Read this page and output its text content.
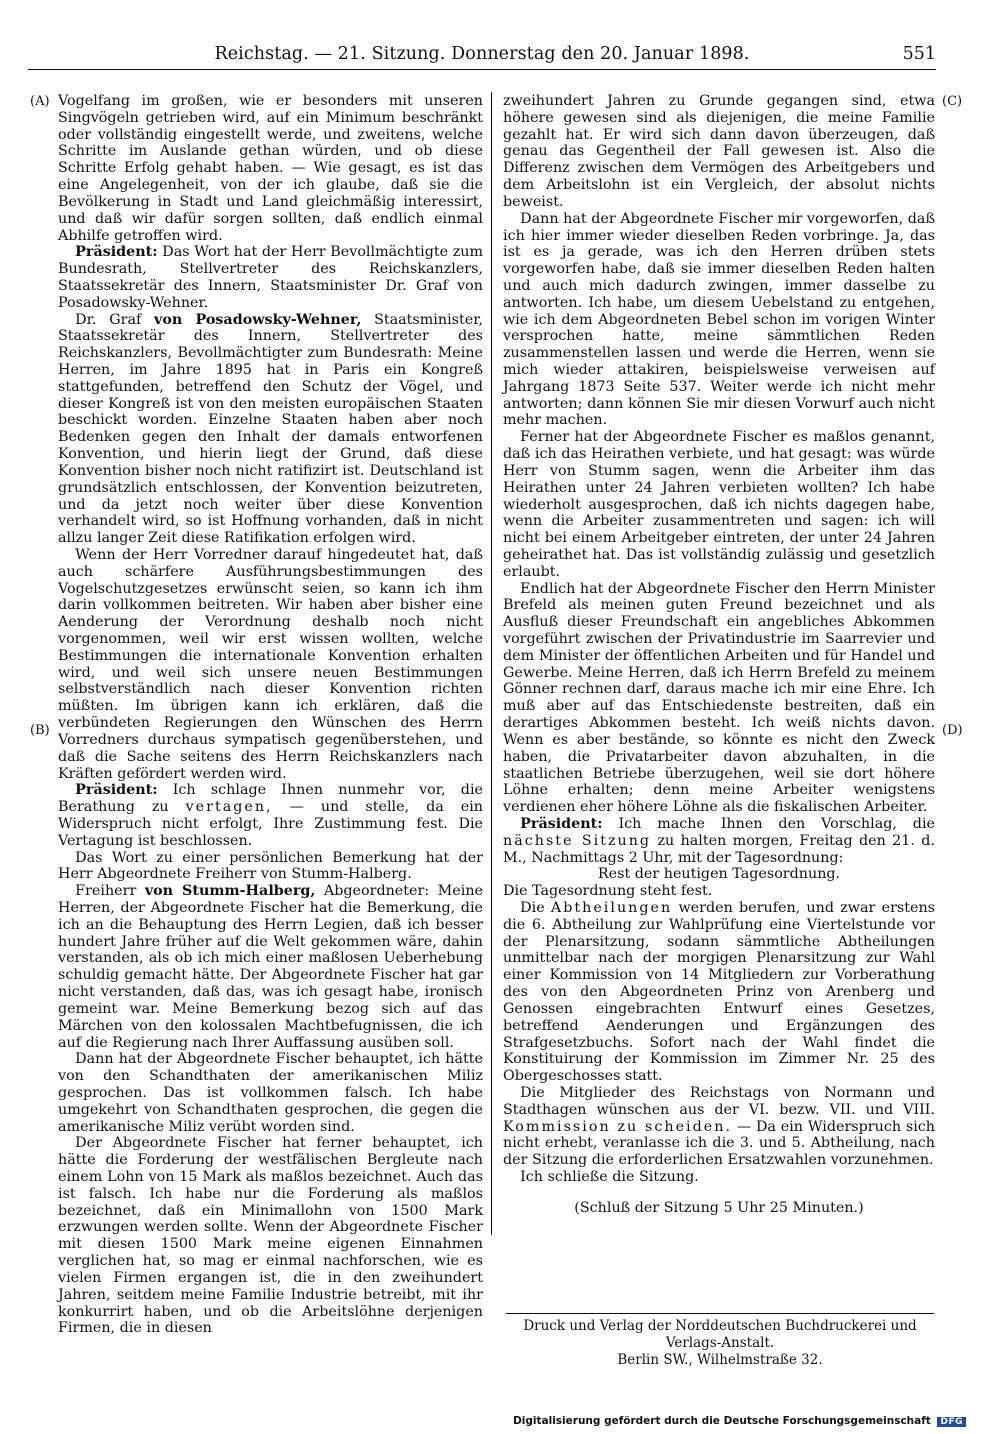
Reichstag. — 21. Sitzung. Donnerstag den 20. Januar 1898.	551
(A)
(B)
(C)
(D)

Vogelfang im großen, wie er besonders mit unseren Singvögeln getrieben wird, auf ein Minimum beschränkt oder vollständig eingestellt werde, und zweitens, welche Schritte im Auslande gethan würden, und ob diese Schritte Erfolg gehabt haben. — Wie gesagt, es ist das eine Angelegenheit, von der ich glaube, daß sie die Bevölkerung in Stadt und Land gleichmäßig interessirt, und daß wir dafür sorgen sollten, daß endlich einmal Abhilfe getroffen wird.

Präsident: Das Wort hat der Herr Bevollmächtigte zum Bundesrath, Stellvertreter des Reichskanzlers, Staatssekretär des Innern, Staatsminister Dr. Graf von Posadowsky-Wehner.

Dr. Graf von Posadowsky-Wehner, Staatsminister, Staatssekretär des Innern, Stellvertreter des Reichskanzlers, Bevollmächtigter zum Bundesrath: Meine Herren, im Jahre 1895 hat in Paris ein Kongreß stattgefunden, betreffend den Schutz der Vögel, und dieser Kongreß ist von den meisten europäischen Staaten beschickt worden. Einzelne Staaten haben aber noch Bedenken gegen den Inhalt der damals entworfenen Konvention, und hierin liegt der Grund, daß diese Konvention bisher noch nicht ratifizirt ist. Deutschland ist grundsätzlich entschlossen, der Konvention beizutreten, und da jetzt noch weiter über diese Konvention verhandelt wird, so ist Hoffnung vorhanden, daß in nicht allzu langer Zeit diese Ratifikation erfolgen wird.

Wenn der Herr Vorredner darauf hingedeutet hat, daß auch schärfere Ausführungsbestimmungen des Vogelschutzgesetzes erwünscht seien, so kann ich ihm darin vollkommen beitreten. Wir haben aber bisher eine Aenderung der Verordnung deshalb noch nicht vorgenommen, weil wir erst wissen wollten, welche Bestimmungen die internationale Konvention erhalten wird, und weil sich unsere neuen Bestimmungen selbstverständlich nach dieser Konvention richten müßten. Im übrigen kann ich erklären, daß die verbündeten Regierungen den Wünschen des Herrn Vorredners durchaus sympatisch gegenüberstehen, und daß die Sache seitens des Herrn Reichskanzlers nach Kräften gefördert werden wird.

Präsident: Ich schlage Ihnen nunmehr vor, die Berathung zu vertagen, — und stelle, da ein Widerspruch nicht erfolgt, Ihre Zustimmung fest. Die Vertagung ist beschlossen.

Das Wort zu einer persönlichen Bemerkung hat der Herr Abgeordnete Freiherr von Stumm-Halberg.

Freiherr von Stumm-Halberg, Abgeordneter: Meine Herren, der Abgeordnete Fischer hat die Bemerkung, die ich an die Behauptung des Herrn Legien, daß ich besser hundert Jahre früher auf die Welt gekommen wäre, dahin verstanden, als ob ich mich einer maßlosen Ueberhebung schuldig gemacht hätte. Der Abgeordnete Fischer hat gar nicht verstanden, daß das, was ich gesagt habe, ironisch gemeint war. Meine Bemerkung bezog sich auf das Märchen von den kolossalen Machtbefugnissen, die ich auf die Regierung nach Ihrer Auffassung ausüben soll.

Dann hat der Abgeordnete Fischer behauptet, ich hätte von den Schandthaten der amerikanischen Miliz gesprochen. Das ist vollkommen falsch. Ich habe umgekehrt von Schandthaten gesprochen, die gegen die amerikanische Miliz verübt worden sind.

Der Abgeordnete Fischer hat ferner behauptet, ich hätte die Forderung der westfälischen Bergleute nach einem Lohn von 15 Mark als maßlos bezeichnet. Auch das ist falsch. Ich habe nur die Forderung als maßlos bezeichnet, daß ein Minimallohn von 1500 Mark erzwungen werden sollte. Wenn der Abgeordnete Fischer mit diesen 1500 Mark meine eigenen Einnahmen verglichen hat, so mag er einmal nachforschen, wie es vielen Firmen ergangen ist, die in den zweihundert Jahren, seitdem meine Familie Industrie betreibt, mit ihr konkurrirt haben, und ob die Arbeitslöhne derjenigen Firmen, die in diesen

zweihundert Jahren zu Grunde gegangen sind, etwa höhere gewesen sind als diejenigen, die meine Familie gezahlt hat. Er wird sich dann davon überzeugen, daß genau das Gegentheil der Fall gewesen ist. Also die Differenz zwischen dem Vermögen des Arbeitgebers und dem Arbeitslohn ist ein Vergleich, der absolut nichts beweist.

Dann hat der Abgeordnete Fischer mir vorgeworfen, daß ich hier immer wieder dieselben Reden vorbringe. Ja, das ist es ja gerade, was ich den Herren drüben stets vorgeworfen habe, daß sie immer dieselben Reden halten und auch mich dadurch zwingen, immer dasselbe zu antworten. Ich habe, um diesem Uebelstand zu entgehen, wie ich dem Abgeordneten Bebel schon im vorigen Winter versprochen hatte, meine sämmtlichen Reden zusammenstellen lassen und werde die Herren, wenn sie mich wieder attakiren, beispielsweise verweisen auf Jahrgang 1873 Seite 537. Weiter werde ich nicht mehr antworten; dann können Sie mir diesen Vorwurf auch nicht mehr machen.

Ferner hat der Abgeordnete Fischer es maßlos genannt, daß ich das Heirathen verbiete, und hat gesagt: was würde Herr von Stumm sagen, wenn die Arbeiter ihm das Heirathen unter 24 Jahren verbieten wollten? Ich habe wiederholt ausgesprochen, daß ich nichts dagegen habe, wenn die Arbeiter zusammentreten und sagen: ich will nicht bei einem Arbeitgeber eintreten, der unter 24 Jahren geheirathet hat. Das ist vollständig zulässig und gesetzlich erlaubt.

Endlich hat der Abgeordnete Fischer den Herrn Minister Brefeld als meinen guten Freund bezeichnet und als Ausfluß dieser Freundschaft ein angebliches Abkommen vorgeführt zwischen der Privatindustrie im Saarrevier und dem Minister der öffentlichen Arbeiten und für Handel und Gewerbe. Meine Herren, daß ich Herrn Brefeld zu meinem Gönner rechnen darf, daraus mache ich mir eine Ehre. Ich muß aber auf das Entschiedenste bestreiten, daß ein derartiges Abkommen besteht. Ich weiß nichts davon. Wenn es aber bestände, so könnte es nicht den Zweck haben, die Privatarbeiter davon abzuhalten, in die staatlichen Betriebe überzugehen, weil sie dort höhere Löhne erhalten; denn meine Arbeiter wenigstens verdienen eher höhere Löhne als die fiskalischen Arbeiter.

Präsident: Ich mache Ihnen den Vorschlag, die nächste Sitzung zu halten morgen, Freitag den 21. d. M., Nachmittags 2 Uhr, mit der Tagesordnung:

Rest der heutigen Tagesordnung.

Die Tagesordnung steht fest.

Die Abtheilungen werden berufen, und zwar erstens die 6. Abtheilung zur Wahlprüfung eine Viertelstunde vor der Plenarsitzung, sodann sämmtliche Abtheilungen unmittelbar nach der morgigen Plenarsitzung zur Wahl einer Kommission von 14 Mitgliedern zur Vorberathung des von den Abgeordneten Prinz von Arenberg und Genossen eingebrachten Entwurf eines Gesetzes, betreffend Aenderungen und Ergänzungen des Strafgesetzbuchs. Sofort nach der Wahl findet die Konstituirung der Kommission im Zimmer Nr. 25 des Obergeschosses statt.

Die Mitglieder des Reichstags von Normann und Stadthagen wünschen aus der VI. bezw. VII. und VIII. Kommission zu scheiden. — Da ein Widerspruch sich nicht erhebt, veranlasse ich die 3. und 5. Abtheilung, nach der Sitzung die erforderlichen Ersatzwahlen vorzunehmen.

Ich schließe die Sitzung.

(Schluß der Sitzung 5 Uhr 25 Minuten.)

Druck und Verlag der Norddeutschen Buchdruckerei und Verlags-Anstalt.
Berlin SW., Wilhelmstraße 32.
Digitalisierung gefördert durch die Deutsche Forschungsgemeinschaft DFG
